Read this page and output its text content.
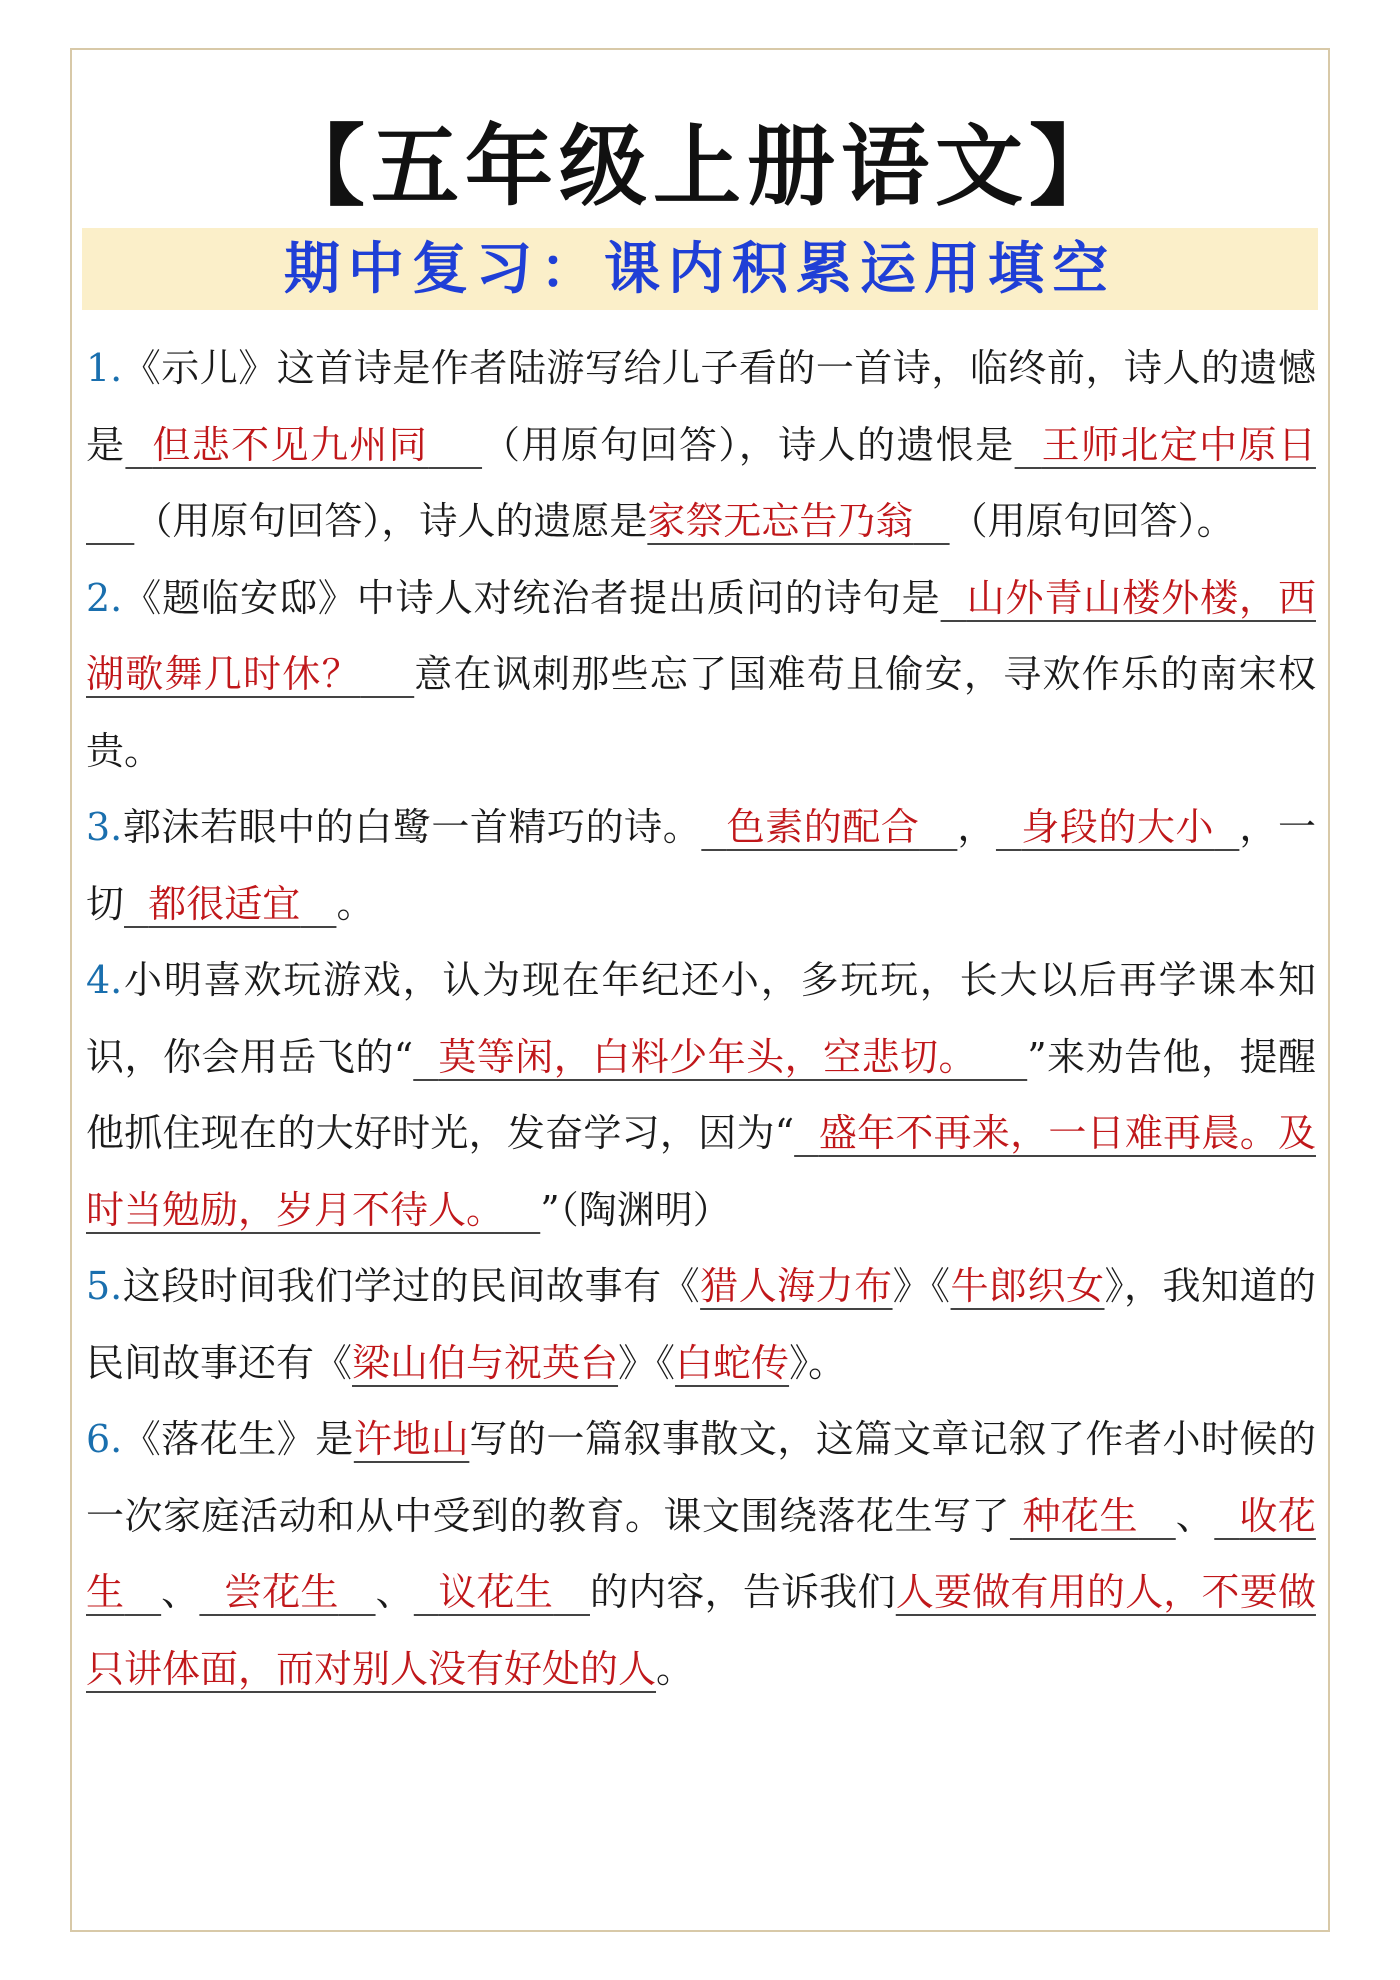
【五年级上册语文】
期中复习：课内积累运用填空

1.《示儿》这首诗是作者陆游写给儿子看的一首诗，临终前，诗人的遗憾是 但悲不见九州同 （用原句回答），诗人的遗恨是 王师北定中原日    （用原句回答），诗人的遗愿是家祭无忘告乃翁 （用原句回答）。

2.《题临安邸》中诗人对统治者提出质问的诗句是 山外青山楼外楼，西湖歌舞几时休？ 意在讽刺那些忘了国难苟且偷安，寻欢作乐的南宋权贵。

3.郭沫若眼中的白鹭一首精巧的诗。 色素的配合 ， 身段的大小 ，一切 都很适宜 。

4.小明喜欢玩游戏，认为现在年纪还小，多玩玩，长大以后再学课本知识，你会用岳飞的“ 莫等闲，白料少年头，空悲切。 ”来劝告他，提醒他抓住现在的大好时光，发奋学习，因为“ 盛年不再来，一日难再晨。及时当勉励，岁月不待人。 ”（陶渊明）

5.这段时间我们学过的民间故事有《猎人海力布》《牛郎织女》，我知道的民间故事还有《梁山伯与祝英台》《白蛇传》。

6.《落花生》是许地山写的一篇叙事散文，这篇文章记叙了作者小时候的一次家庭活动和从中受到的教育。课文围绕落花生写了 种花生 、 收花生 、 尝花生 、 议花生 的内容，告诉我们人要做有用的人，不要做只讲体面，而对别人没有好处的人。
